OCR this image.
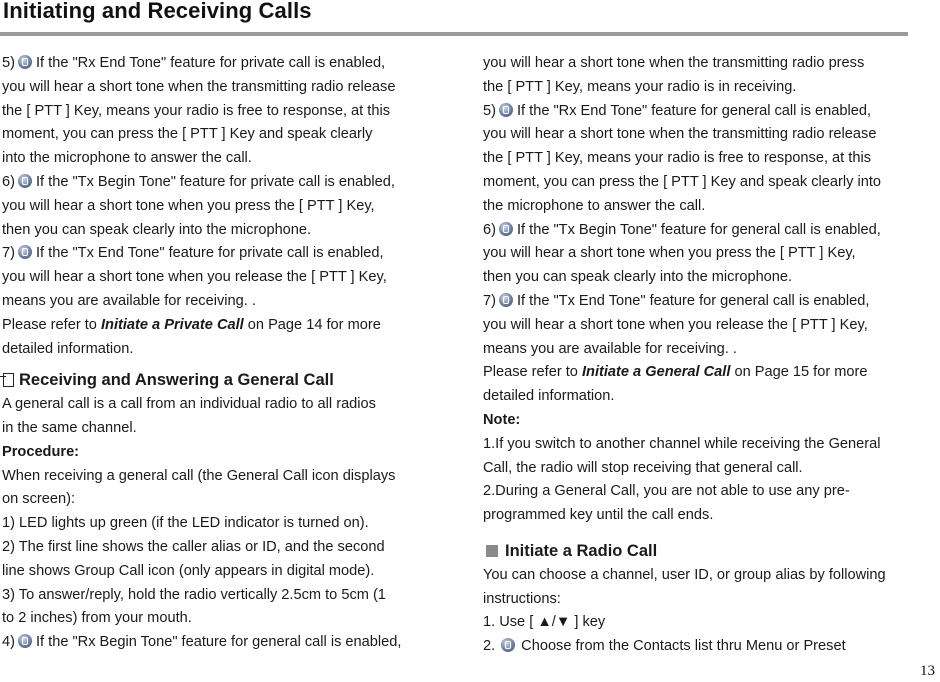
Initiating and Receiving Calls
5) If the "Rx End Tone" feature for private call is enabled,
you will hear a short tone when the transmitting radio release
the [ PTT ] Key, means your radio is free to response, at this
moment, you can press the [ PTT ] Key and speak clearly
into the microphone to answer the call.
6) If the "Tx Begin Tone" feature for private call is enabled,
you will hear a short tone when you press the [ PTT ] Key,
then you can speak clearly into the microphone.
7) If the "Tx End Tone" feature for private call is enabled,
you will hear a short tone when you release the [ PTT ] Key,
means you are available for receiving. .
Please refer to Initiate a Private Call on Page 14 for more
detailed information.
Receiving and Answering a General Call
A general call is a call from an individual radio to all radios
in the same channel.
Procedure:
When receiving a general call (the General Call icon displays
on screen):
1) LED lights up green (if the LED indicator is turned on).
2) The first line shows the caller alias or ID, and the second
line shows Group Call icon (only appears in digital mode).
3) To answer/reply, hold the radio vertically 2.5cm to 5cm (1
to 2 inches) from your mouth.
4) If the "Rx Begin Tone" feature for general call is enabled,
you will hear a short tone when the transmitting radio press
the [ PTT ] Key, means your radio is in receiving.
5) If the "Rx End Tone" feature for general call is enabled,
you will hear a short tone when the transmitting radio release
the [ PTT ] Key, means your radio is free to response, at this
moment, you can press the [ PTT ] Key and speak clearly into
the microphone to answer the call.
6) If the "Tx Begin Tone" feature for general call is enabled,
you will hear a short tone when you press the [ PTT ] Key,
then you can speak clearly into the microphone.
7) If the "Tx End Tone" feature for general call is enabled,
you will hear a short tone when you release the [ PTT ] Key,
means you are available for receiving. .
Please refer to Initiate a General Call on Page 15 for more
detailed information.
Note:
1.If you switch to another channel while receiving the General
Call, the radio will stop receiving that general call.
2.During a General Call, you are not able to use any pre-
programmed key until the call ends.
Initiate a Radio Call
You can choose a channel, user ID, or group alias by following
instructions:
1. Use [ ▲/▼ ] key
2. Choose from the Contacts list thru Menu or Preset
13
